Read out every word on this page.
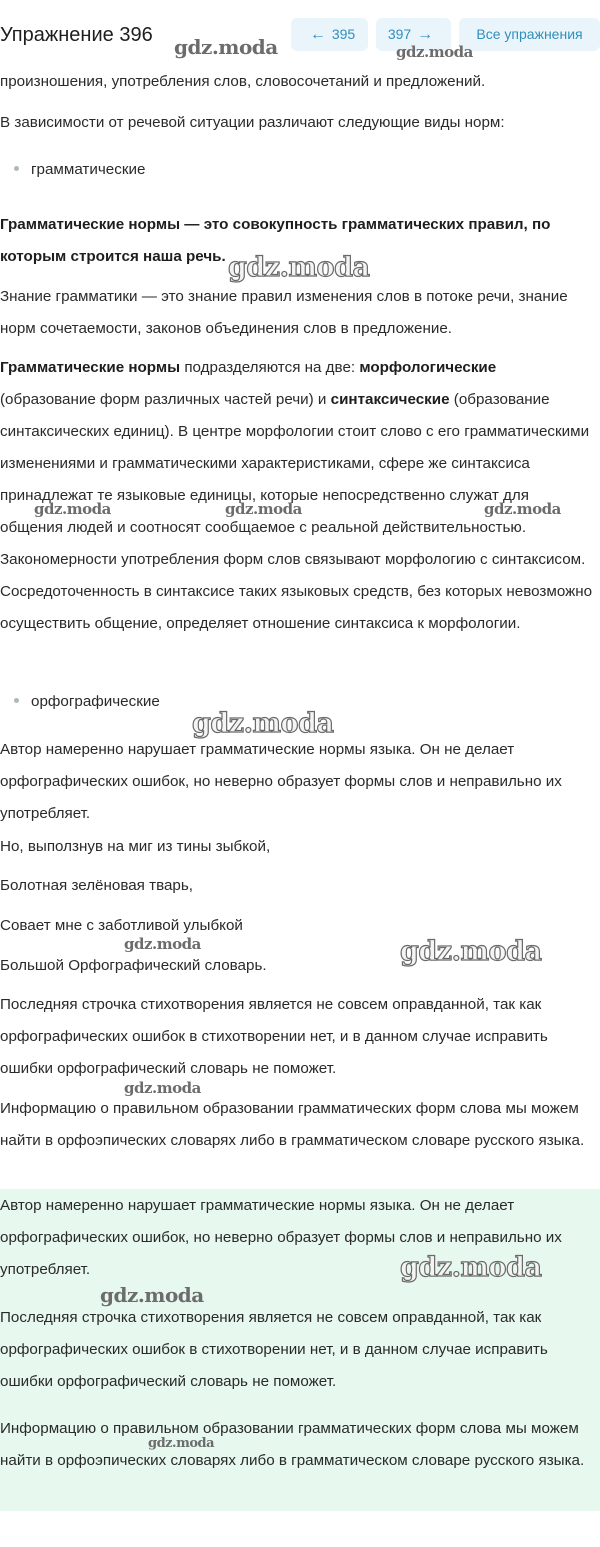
Упражнение 396	← 395	397 →	Все упражнения

произношения, употребления слов, словосочетаний и предложений.

В зависимости от речевой ситуации различают следующие виды норм:

грамматические

Грамматические нормы — это совокупность грамматических правил, по которым строится наша речь.

Знание грамматики — это знание правил изменения слов в потоке речи, знание норм сочетаемости, законов объединения слов в предложение.

Грамматические нормы подразделяются на две: морфологические (образование форм различных частей речи) и синтаксические (образование синтаксических единиц). В центре морфологии стоит слово с его грамматическими изменениями и грамматическими характеристиками, сфере же синтаксиса принадлежат те языковые единицы, которые непосредственно служат для общения людей и соотносят сообщаемое с реальной действительностью. Закономерности употребления форм слов связывают морфологию с синтаксисом. Сосредоточенность в синтаксисе таких языковых средств, без которых невозможно осуществить общение, определяет отношение синтаксиса к морфологии.

орфографические

Автор намеренно нарушает грамматические нормы языка. Он не делает орфографических ошибок, но неверно образует формы слов и неправильно их употребляет.

Но, выползнув на миг из тины зыбкой,

Болотная зелёновая тварь,

Совает мне с заботливой улыбкой

Большой Орфографический словарь.

Последняя строчка стихотворения является не совсем оправданной, так как орфографических ошибок в стихотворении нет, и в данном случае исправить ошибки орфографический словарь не поможет.

Информацию о правильном образовании грамматических форм слова мы можем найти в орфоэпических словарях либо в грамматическом словаре русского языка.

Автор намеренно нарушает грамматические нормы языка. Он не делает орфографических ошибок, но неверно образует формы слов и неправильно их употребляет.

Последняя строчка стихотворения является не совсем оправданной, так как орфографических ошибок в стихотворении нет, и в данном случае исправить ошибки орфографический словарь не поможет.

Информацию о правильном образовании грамматических форм слова мы можем найти в орфоэпических словарях либо в грамматическом словаре русского языка.

gdz.moda	gdz.moda
gdz.moda
gdz.moda	gdz.moda	gdz.moda
gdz.moda
gdz.moda	gdz.moda
gdz.moda
gdz.moda
gdz.moda
gdz.moda
